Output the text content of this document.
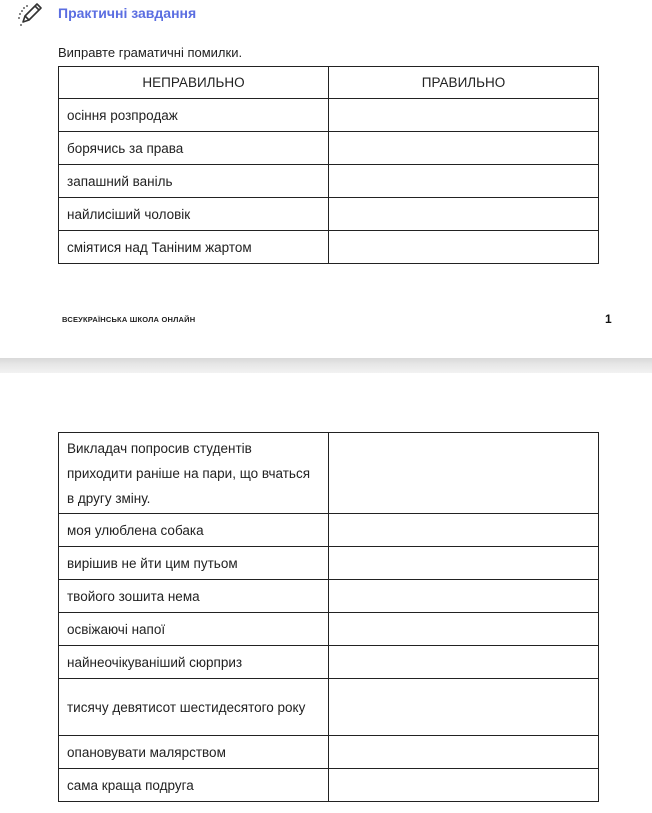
Практичні завдання
Виправте граматичні помилки.
НЕПРАВИЛЬНО	ПРАВИЛЬНО
осіння розпродаж	
борячись за права	
запашний ваніль	
найлисіший чоловік	
сміятися над Таніним жартом	
ВСЕУКРАЇНСЬКА ШКОЛА ОНЛАЙН	1
Викладач попросив студентів приходити раніше на пари, що вчаться в другу зміну.	
моя улюблена собака	
вирішив не йти цим путьом	
твойого зошита нема	
освіжаючі напої	
найнеочікуваніший сюрприз	
тисячу девятисот шестидесятого року	
опановувати малярством	
сама краща подруга	
